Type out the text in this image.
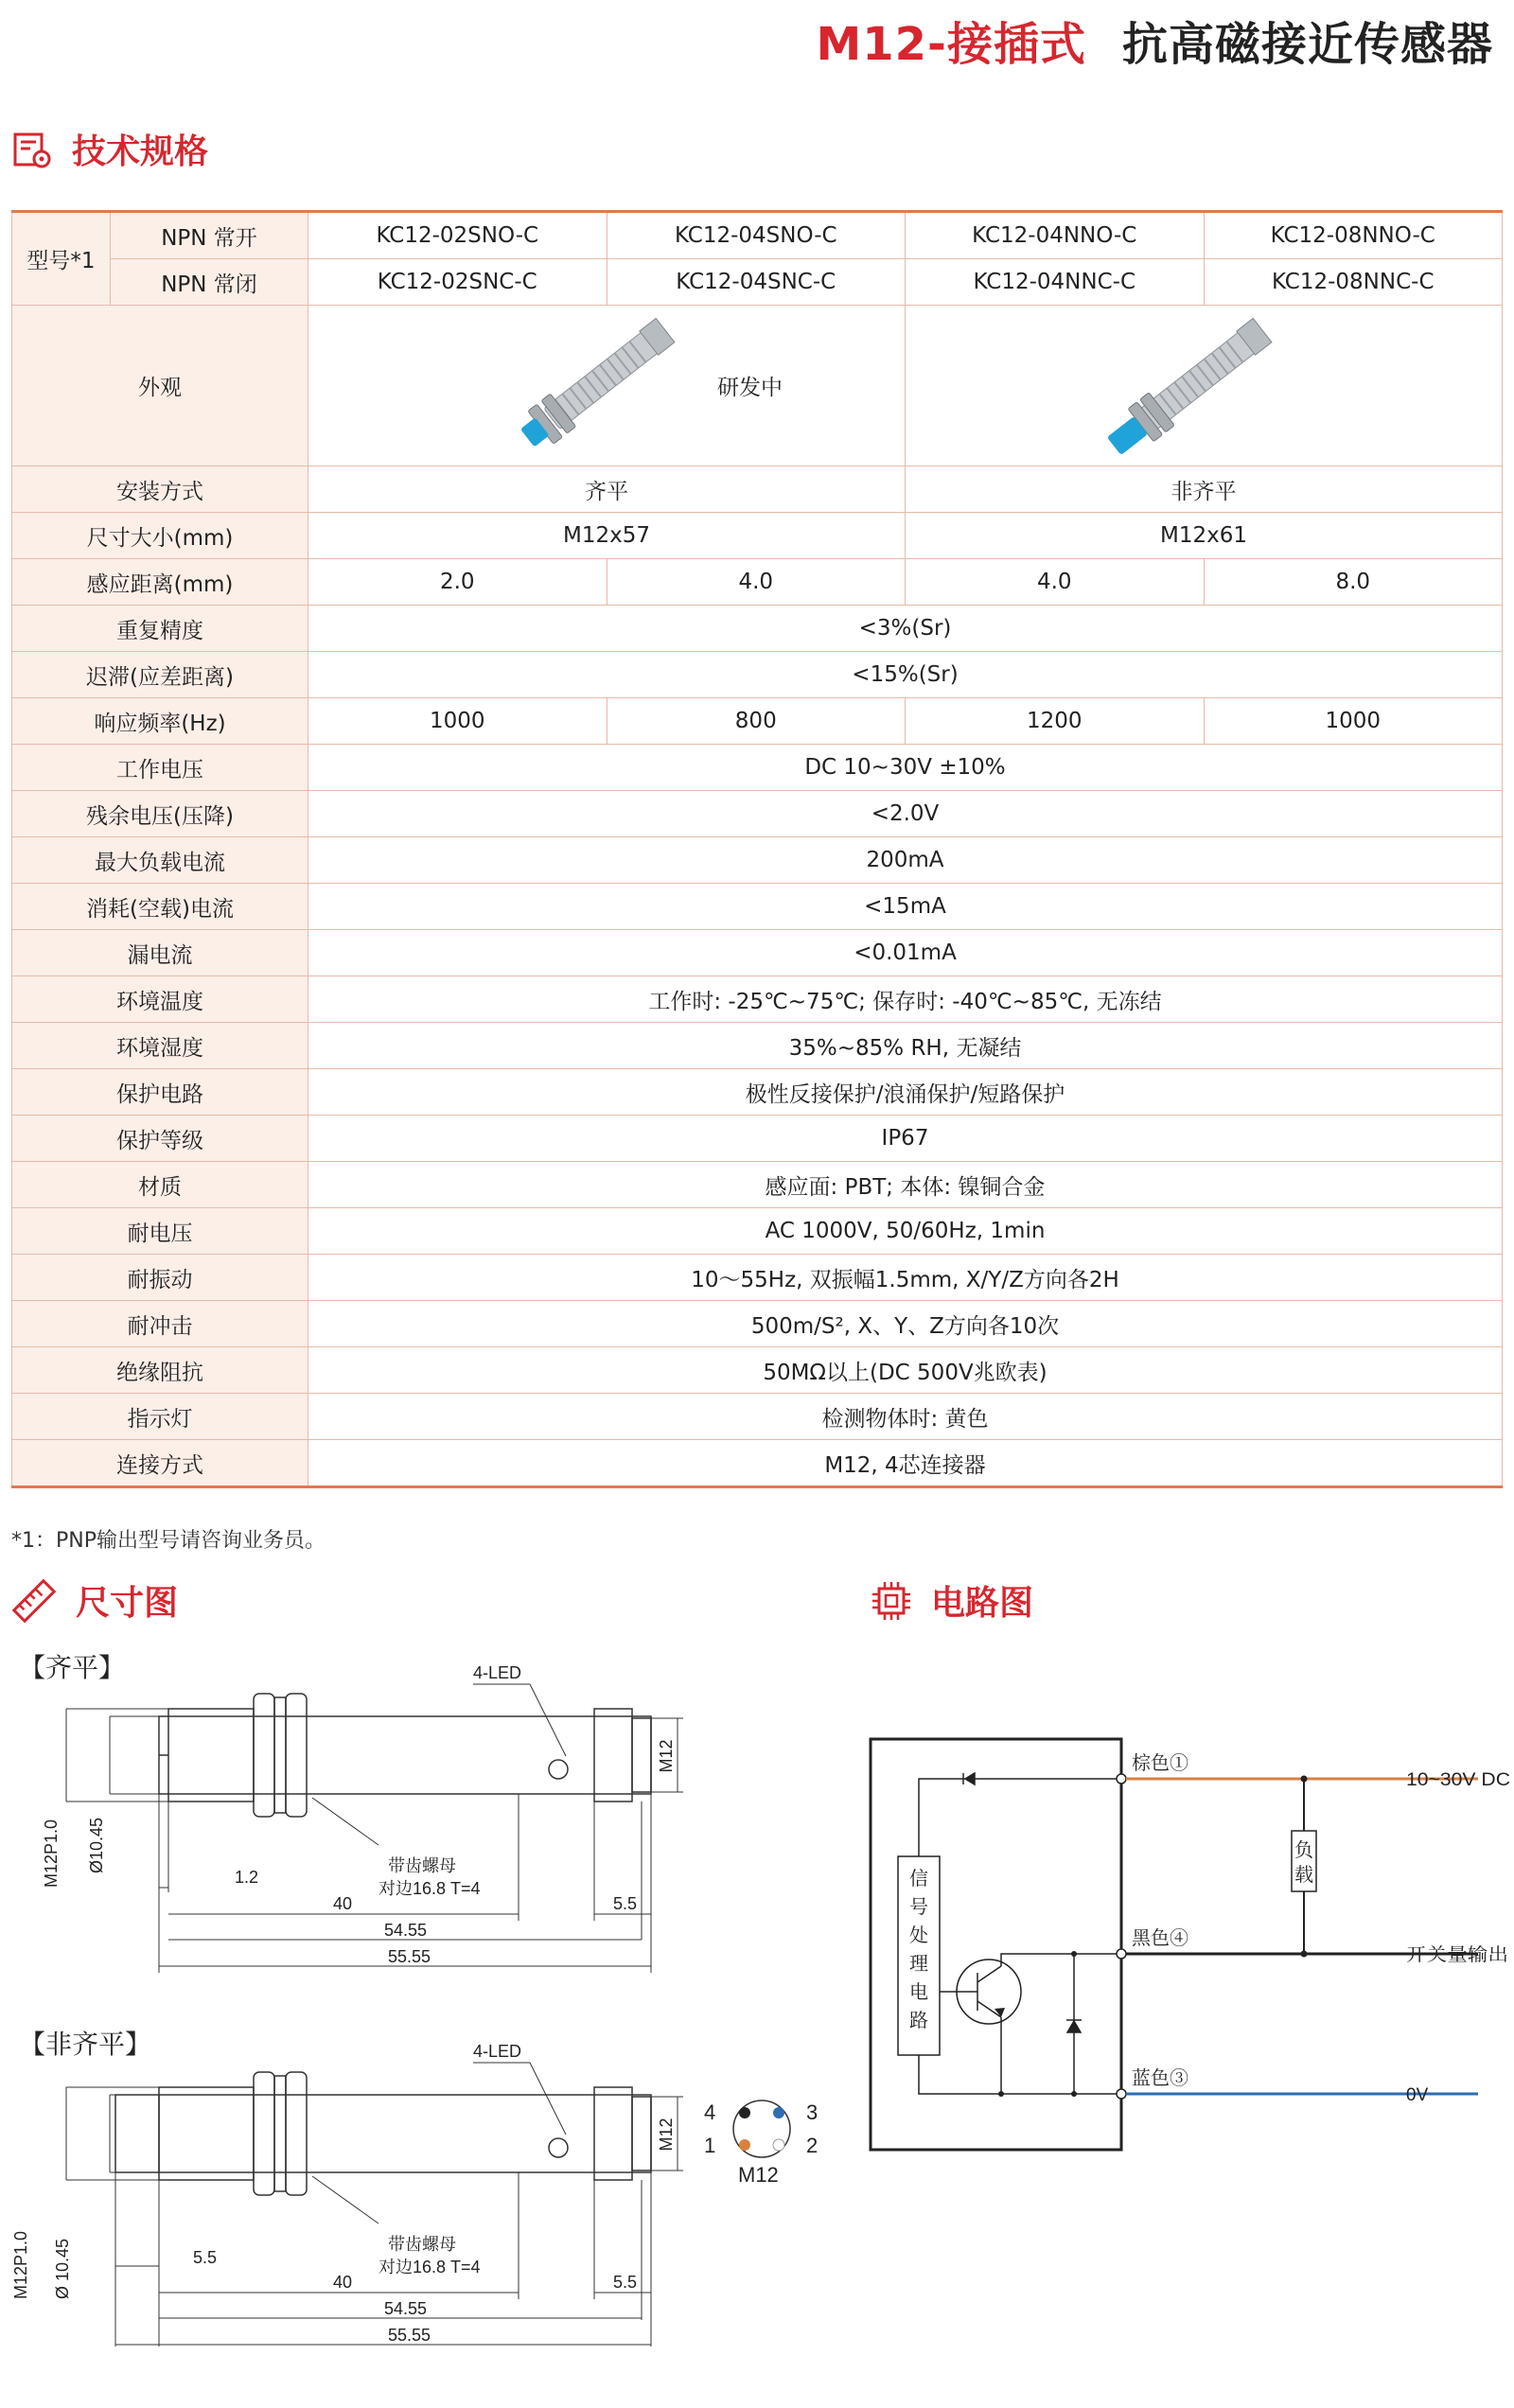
M12-接插式 抗高磁接近传感器
技术规格
型号*1	NPN 常开	KC12-02SNO-C	KC12-04SNO-C	KC12-04NNO-C	KC12-08NNO-C
	NPN 常闭	KC12-02SNC-C	KC12-04SNC-C	KC12-04NNC-C	KC12-08NNC-C
外观		研发中

安装方式		齐平		非齐平	
尺寸大小(mm)		M12x57		M12x61	
感应距离(mm)		2.0	4.0	4.0	8.0
重复精度		<3%(Sr)			
迟滞(应差距离)		<15%(Sr)			
响应频率(Hz)		1000	800	1200	1000
工作电压		DC 10~30V ±10%			
残余电压(压降)		<2.0V			
最大负载电流		200mA			
消耗(空载)电流		<15mA			
漏电流		<0.01mA			
环境温度		工作时: -25℃~75℃; 保存时: -40℃~85℃, 无冻结			
环境湿度		35%~85% RH, 无凝结			
保护电路		极性反接保护/浪涌保护/短路保护			
保护等级		IP67			
材质		感应面: PBT; 本体: 镍铜合金			
耐电压		AC 1000V, 50/60Hz, 1min			
耐振动		10～55Hz, 双振幅1.5mm, X/Y/Z方向各2H			
耐冲击		500m/S², X、Y、Z方向各10次			
绝缘阻抗		50MΩ以上(DC 500V兆欧表)			
指示灯		检测物体时: 黄色			
连接方式		M12, 4芯连接器			
*1：PNP输出型号请咨询业务员。
尺寸图	电路图
【齐平】	4-LED
M12
M12P1.0 Ø10.45	带齿螺母
对边16.8 T=4
1.2
40	5.5
54.55
55.55
【非齐平】	4-LED
M12
M12P1.0 Ø 10.45	带齿螺母
对边16.8 T=4
5.5
40	5.5
54.55
55.55
4	3
1	2
M12
信号处理电路
负载
棕色①
黑色④
蓝色③
10~30V DC
开关量输出
0V
